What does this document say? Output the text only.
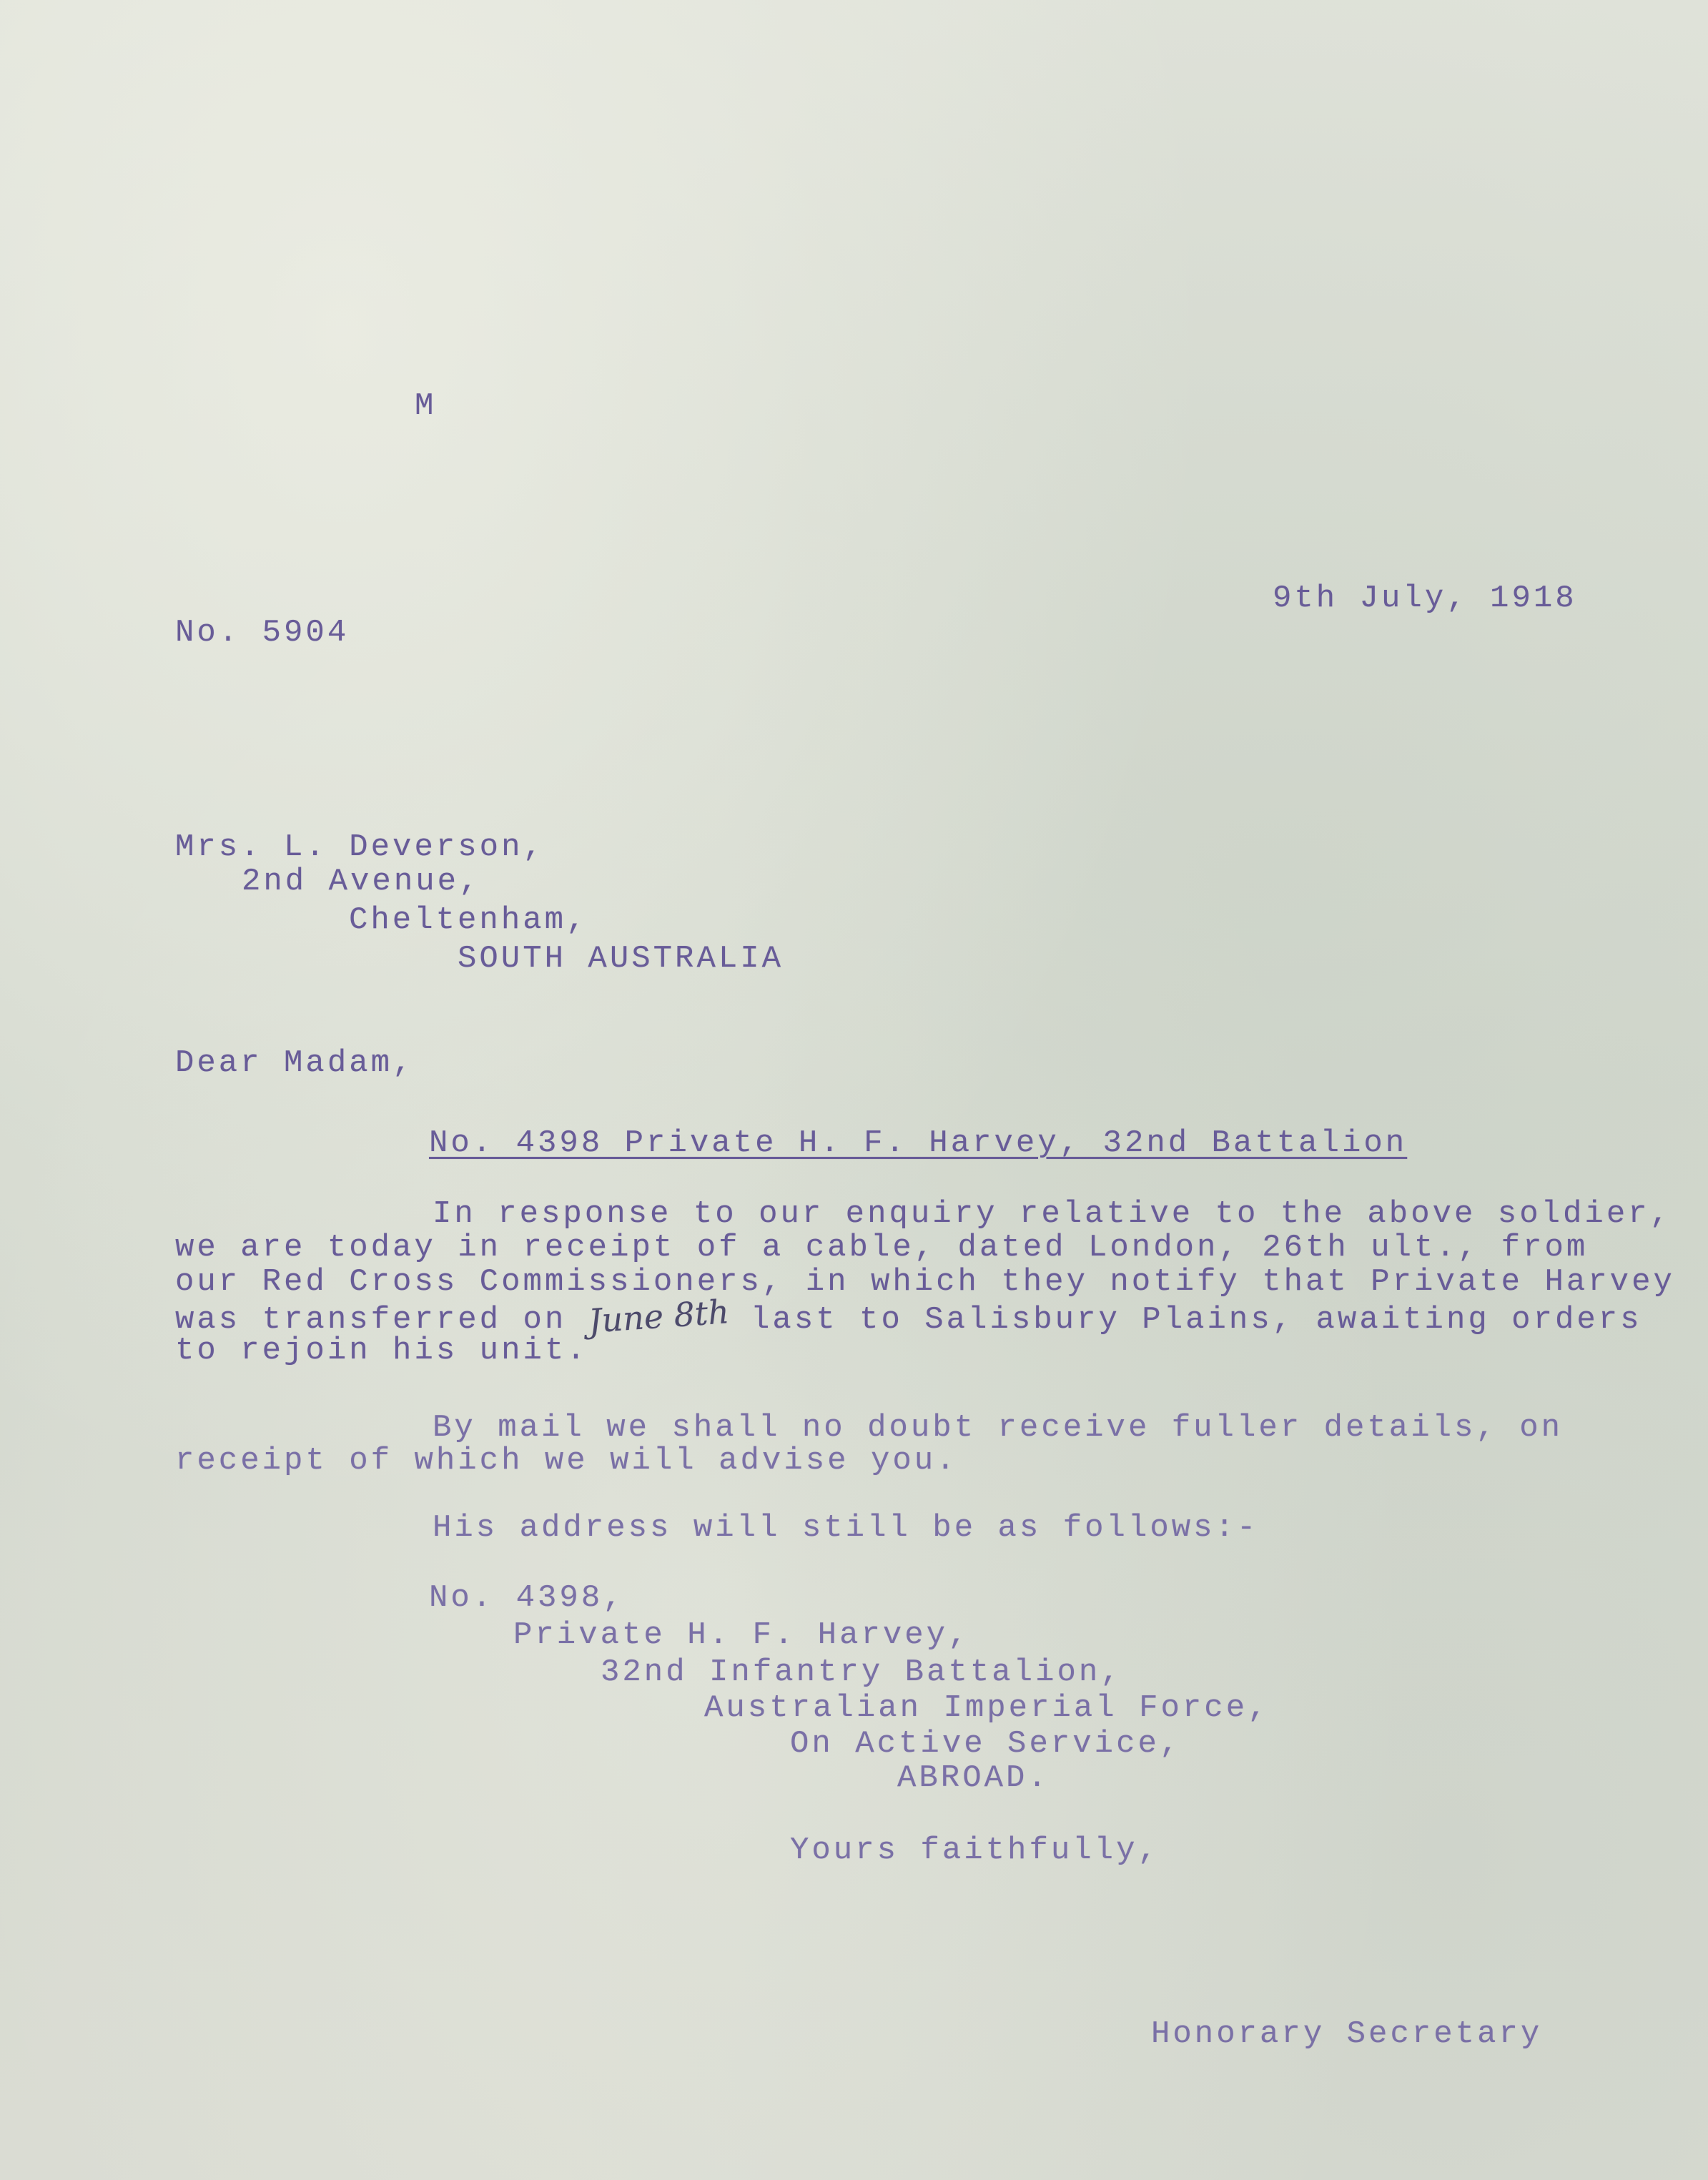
M
9th July, 1918
No. 5904
Mrs. L. Deverson,
2nd Avenue,
Cheltenham,
SOUTH AUSTRALIA
Dear Madam,
No. 4398 Private H. F. Harvey, 32nd Battalion
In response to our enquiry relative to the above soldier,
we are today in receipt of a cable, dated London, 26th ult., from
our Red Cross Commissioners, in which they notify that Private Harvey
was transferred on June 8th last to Salisbury Plains, awaiting orders
to rejoin his unit.
By mail we shall no doubt receive fuller details, on
receipt of which we will advise you.
His address will still be as follows:-
No. 4398,
Private H. F. Harvey,
32nd Infantry Battalion,
Australian Imperial Force,
On Active Service,
ABROAD.
Yours faithfully,
Honorary Secretary
